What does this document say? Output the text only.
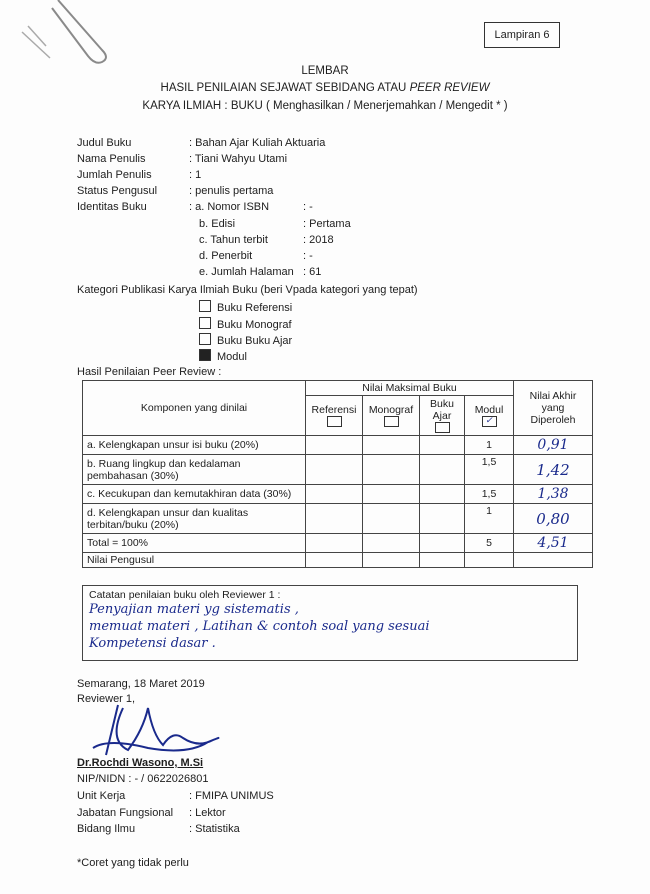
Lampiran 6
LEMBAR
HASIL PENILAIAN SEJAWAT SEBIDANG ATAU PEER REVIEW
KARYA ILMIAH : BUKU ( Menghasilkan / Menerjemahkan / Mengedit * )
Judul Buku	: Bahan Ajar Kuliah Aktuaria
Nama Penulis	: Tiani Wahyu Utami
Jumlah Penulis	: 1
Status Pengusul	: penulis pertama
Identitas Buku	: a. Nomor ISBN	: -
b. Edisi	: Pertama
c. Tahun terbit	: 2018
d. Penerbit	: -
e. Jumlah Halaman : 61
Kategori Publikasi Karya Ilmiah Buku (beri Vpada kategori yang tepat)
Buku Referensi
Buku Monograf
Buku Buku Ajar
Modul
Hasil Penilaian Peer Review :
Komponen yang dinilai	Nilai Maksimal Buku				Nilai Akhir yang Diperoleh
	Referensi	Monograf	Buku Ajar	Modul
✓	
a. Kelengkapan unsur isi buku (20%)				1	0,91
b. Ruang lingkup dan kedalaman pembahasan (30%)				1,5	1,42
c. Kecukupan dan kemutakhiran data (30%)				1,5	1,38
d. Kelengkapan unsur dan kualitas terbitan/buku (20%)				1	0,80
Total = 100%				5	4,51
Nilai Pengusul					
Catatan penilaian buku oleh Reviewer 1 :
Penyajian materi yg sistematis ,
memuat materi , Latihan & contoh soal yang sesuai
Kompetensi dasar .
Semarang, 18 Maret 2019
Reviewer 1,
Dr.Rochdi Wasono, M.Si
NIP/NIDN : - / 0622026801
Unit Kerja	: FMIPA UNIMUS
Jabatan Fungsional : Lektor
Bidang Ilmu	: Statistika
*Coret yang tidak perlu
